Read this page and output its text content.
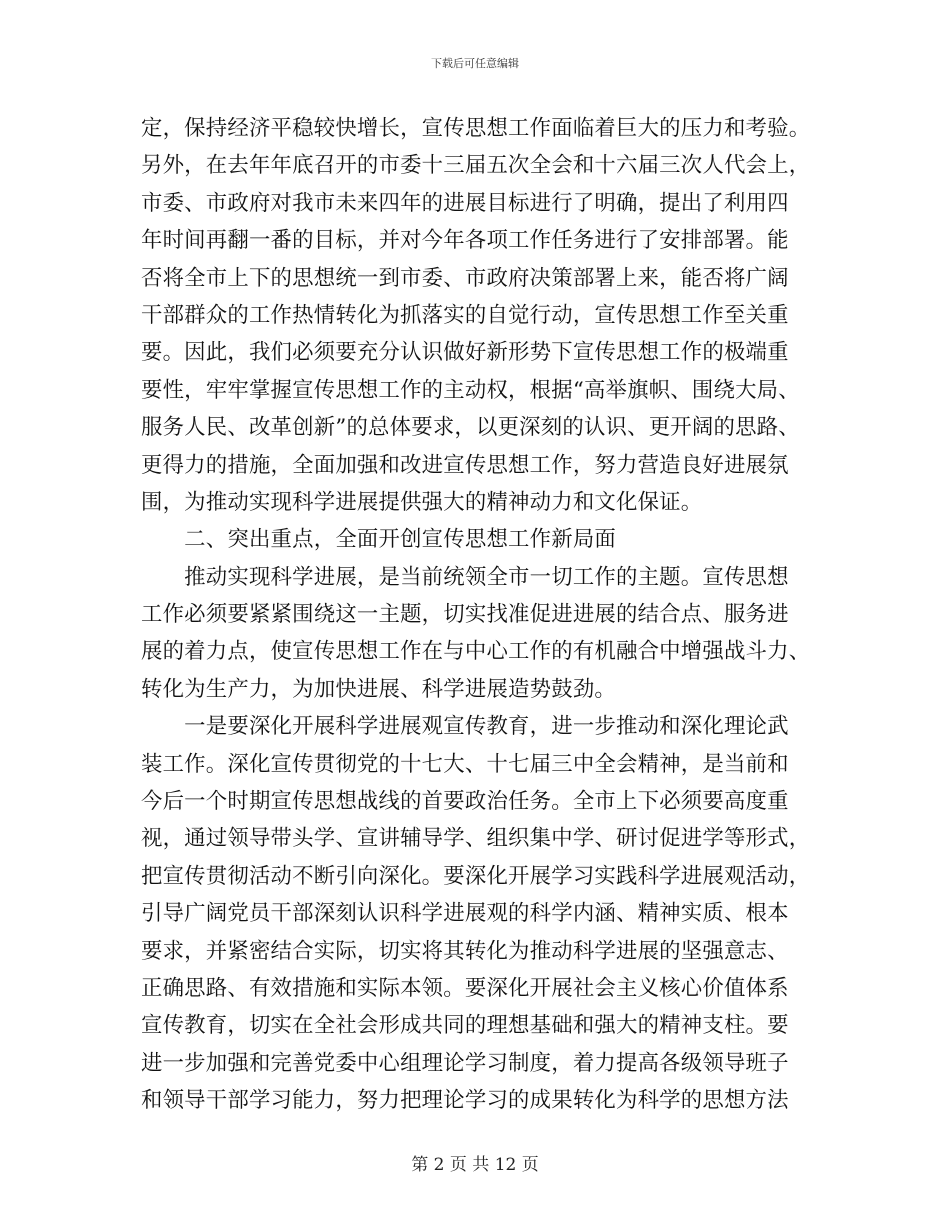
下载后可任意编辑
定，保持经济平稳较快增长，宣传思想工作面临着巨大的压力和考验。
另外，在去年年底召开的市委十三届五次全会和十六届三次人代会上，
市委、市政府对我市未来四年的进展目标进行了明确，提出了利用四
年时间再翻一番的目标，并对今年各项工作任务进行了安排部署。能
否将全市上下的思想统一到市委、市政府决策部署上来，能否将广阔
干部群众的工作热情转化为抓落实的自觉行动，宣传思想工作至关重
要。因此，我们必须要充分认识做好新形势下宣传思想工作的极端重
要性，牢牢掌握宣传思想工作的主动权，根据“高举旗帜、围绕大局、
服务人民、改革创新”的总体要求，以更深刻的认识、更开阔的思路、
更得力的措施，全面加强和改进宣传思想工作，努力营造良好进展氛
围，为推动实现科学进展提供强大的精神动力和文化保证。
　　二、突出重点，全面开创宣传思想工作新局面
　　推动实现科学进展，是当前统领全市一切工作的主题。宣传思想
工作必须要紧紧围绕这一主题，切实找准促进进展的结合点、服务进
展的着力点，使宣传思想工作在与中心工作的有机融合中增强战斗力、
转化为生产力，为加快进展、科学进展造势鼓劲。
　　一是要深化开展科学进展观宣传教育，进一步推动和深化理论武
装工作。深化宣传贯彻党的十七大、十七届三中全会精神，是当前和
今后一个时期宣传思想战线的首要政治任务。全市上下必须要高度重
视，通过领导带头学、宣讲辅导学、组织集中学、研讨促进学等形式，
把宣传贯彻活动不断引向深化。要深化开展学习实践科学进展观活动，
引导广阔党员干部深刻认识科学进展观的科学内涵、精神实质、根本
要求，并紧密结合实际，切实将其转化为推动科学进展的坚强意志、
正确思路、有效措施和实际本领。要深化开展社会主义核心价值体系
宣传教育，切实在全社会形成共同的理想基础和强大的精神支柱。要
进一步加强和完善党委中心组理论学习制度，着力提高各级领导班子
和领导干部学习能力，努力把理论学习的成果转化为科学的思想方法
第 2 页 共 12 页
